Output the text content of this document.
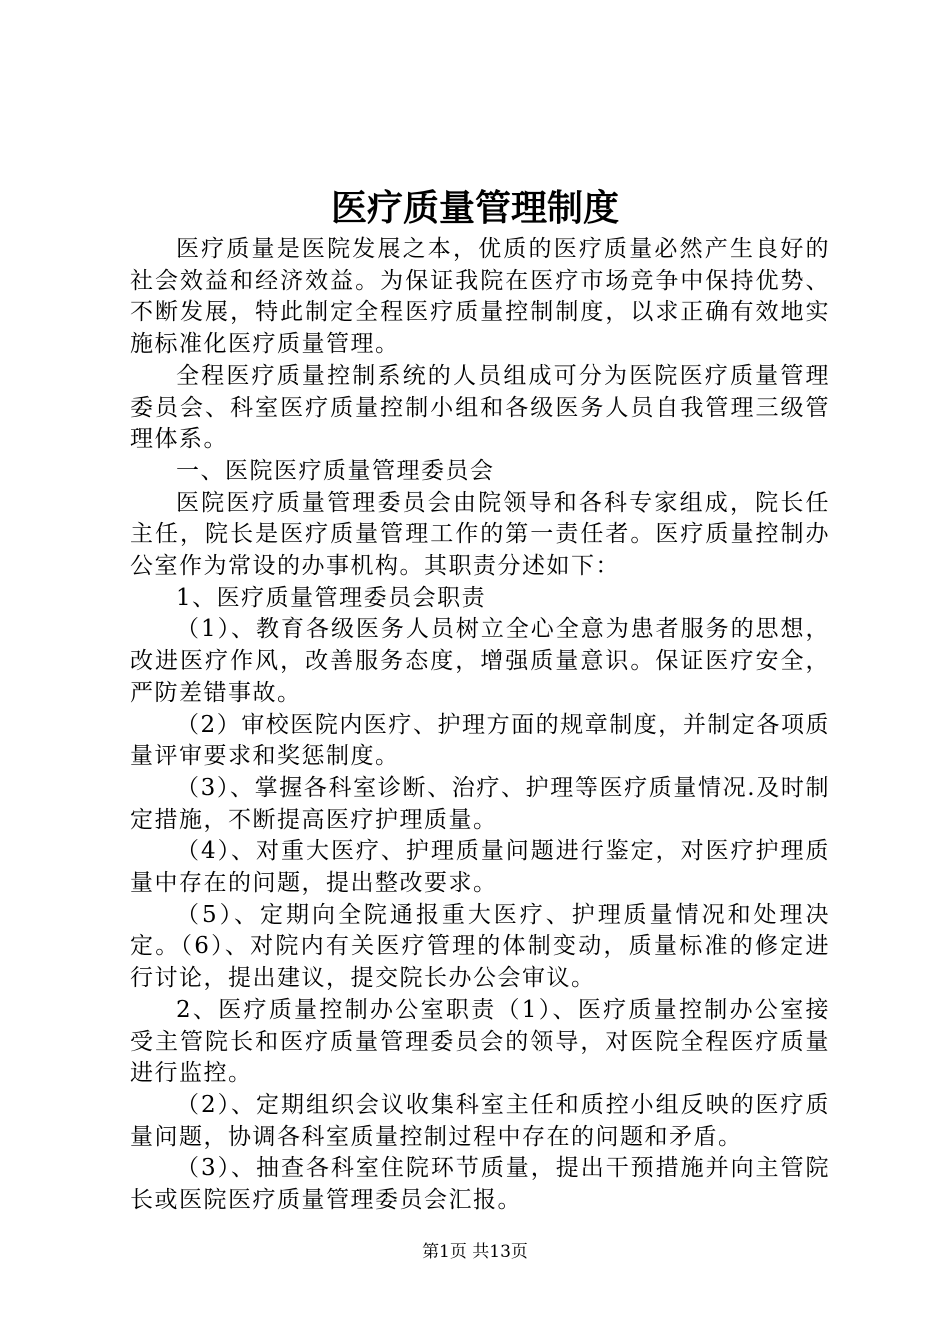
医疗质量管理制度

医疗质量是医院发展之本，优质的医疗质量必然产生良好的社会效益和经济效益。为保证我院在医疗市场竞争中保持优势、不断发展，特此制定全程医疗质量控制制度，以求正确有效地实施标准化医疗质量管理。

全程医疗质量控制系统的人员组成可分为医院医疗质量管理委员会、科室医疗质量控制小组和各级医务人员自我管理三级管理体系。

一、医院医疗质量管理委员会

医院医疗质量管理委员会由院领导和各科专家组成，院长任主任，院长是医疗质量管理工作的第一责任者。医疗质量控制办公室作为常设的办事机构。其职责分述如下：

1、医疗质量管理委员会职责

（1）、教育各级医务人员树立全心全意为患者服务的思想，改进医疗作风，改善服务态度，增强质量意识。保证医疗安全，严防差错事故。

（2）审校医院内医疗、护理方面的规章制度，并制定各项质量评审要求和奖惩制度。

（3）、掌握各科室诊断、治疗、护理等医疗质量情况.及时制定措施，不断提高医疗护理质量。

（4）、对重大医疗、护理质量问题进行鉴定，对医疗护理质量中存在的问题，提出整改要求。

（5）、定期向全院通报重大医疗、护理质量情况和处理决定。（6）、对院内有关医疗管理的体制变动，质量标准的修定进行讨论，提出建议，提交院长办公会审议。

2、医疗质量控制办公室职责（1）、医疗质量控制办公室接受主管院长和医疗质量管理委员会的领导，对医院全程医疗质量进行监控。

（2）、定期组织会议收集科室主任和质控小组反映的医疗质量问题，协调各科室质量控制过程中存在的问题和矛盾。

（3）、抽查各科室住院环节质量，提出干预措施并向主管院长或医院医疗质量管理委员会汇报。

第1页 共13页
